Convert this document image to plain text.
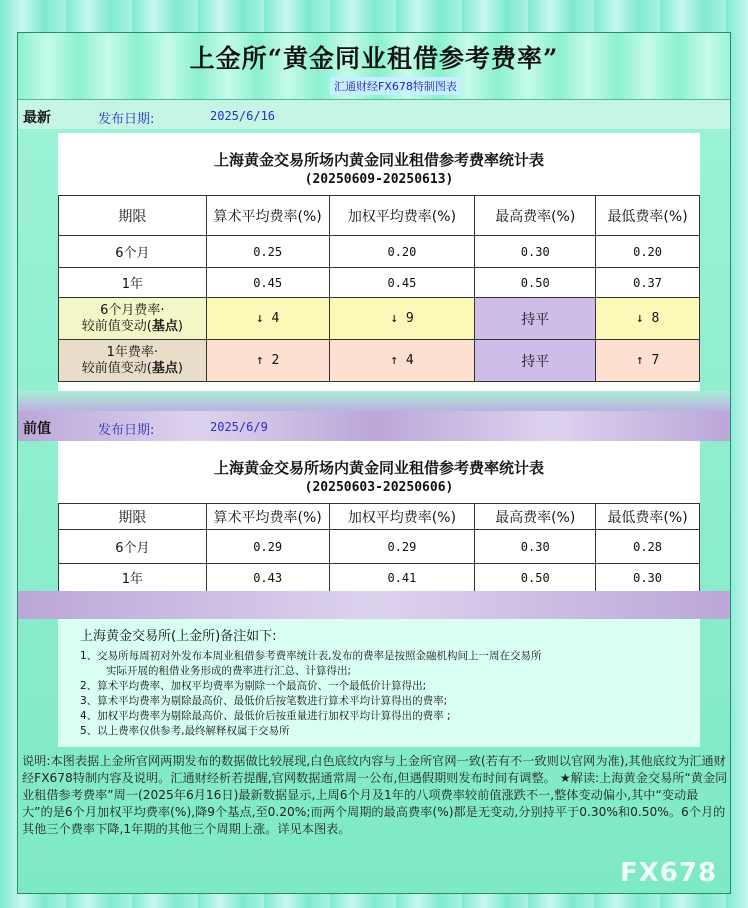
上金所“黄金同业租借参考费率”
汇通财经FX678特制图表
最新	发布日期:	2025/6/16
上海黄金交易所场内黄金同业租借参考费率统计表
(20250609-20250613)
期限	算术平均费率(%)	加权平均费率(%)	最高费率(%)	最低费率(%)
6个月	0.25	0.20	0.30	0.20
1年	0.45	0.45	0.50	0.37

6个月费率·
较前值变动(基点)	↓ 4	↓ 9	持平	↓ 8

1年费率·
较前值变动(基点)	↑ 2	↑ 4	持平	↑ 7
前值	发布日期:	2025/6/9
上海黄金交易所场内黄金同业租借参考费率统计表
(20250603-20250606)
期限	算术平均费率(%)	加权平均费率(%)	最高费率(%)	最低费率(%)
6个月	0.29	0.29	0.30	0.28
1年	0.43	0.41	0.50	0.30
上海黄金交易所(上金所)备注如下:
1、交易所每周初对外发布本周业租借参考费率统计表,发布的费率是按照金融机构间上一周在交易所
实际开展的租借业务形成的费率进行汇总、计算得出;
2、算术平均费率、加权平均费率为剔除一个最高价、一个最低价计算得出;
3、算术平均费率为剔除最高价、最低价后按笔数进行算术平均计算得出的费率;
4、加权平均费率为剔除最高价、最低价后按重量进行加权平均计算得出的费率 ;
5、以上费率仅供参考,最终解释权属于交易所
说明:本图表据上金所官网两期发布的数据做比较展现,白色底纹内容与上金所官网一致(若有不一致则以官网为准),其他底纹为汇通财经FX678特制内容及说明。汇通财经析若提醒,官网数据通常周一公布,但遇假期则发布时间有调整。 ★解读:上海黄金交易所“黄金同业租借参考费率”周一(2025年6月16日)最新数据显示,上周6个月及1年的八项费率较前值涨跌不一,整体变动偏小,其中“变动最大”的是6个月加权平均费率(%),降9个基点,至0.20%;而两个周期的最高费率(%)都是无变动,分别持平于0.30%和0.50%。6个月的其他三个费率下降,1年期的其他三个周期上涨。详见本图表。
FX678
